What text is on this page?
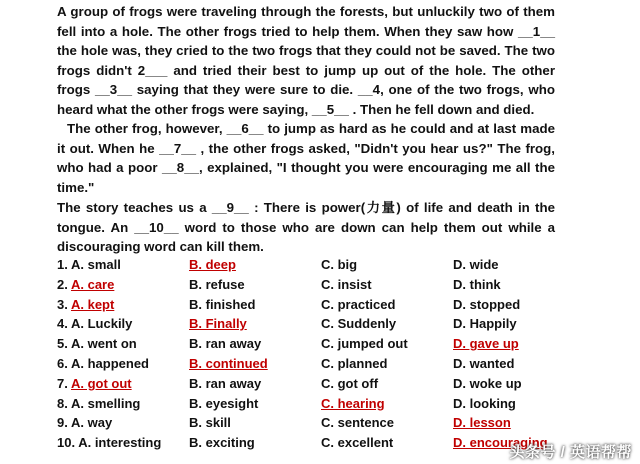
A group of frogs were traveling through the forests, but unluckily two of them fell into a hole. The other frogs tried to help them. When they saw how __1__ the hole was, they cried to the two frogs that they could not be saved. The two frogs didn't 2___ and tried their best to jump up out of the hole. The other frogs __3__ saying that they were sure to die. __4, one of the two frogs, who heard what the other frogs were saying, __5__ . Then he fell down and died.
The other frog, however, __6__ to jump as hard as he could and at last made it out. When he __7__ , the other frogs asked, "Didn't you hear us?" The frog, who had a poor __8__, explained, "I thought you were encouraging me all the time."
The story teaches us a __9__ : There is power(力量) of life and death in the tongue. An __10__ word to those who are down can help them out while a discouraging word can kill them.
1. A. small	B. deep	C. big	D. wide
2. A. care	B. refuse	C. insist	D. think
3. A. kept	B. finished	C. practiced	D. stopped
4. A. Luckily	B. Finally	C. Suddenly	D. Happily
5. A. went on	B. ran away	C. jumped out	D. gave up
6. A. happened	B. continued	C. planned	D. wanted
7. A. got out	B. ran away	C. got off	D. woke up
8. A. smelling	B. eyesight	C. hearing	D. looking
9. A. way	B. skill	C. sentence	D. lesson
10. A. interesting B. exciting	C. excellent	D. encouraging
头条号 / 英语帮帮
